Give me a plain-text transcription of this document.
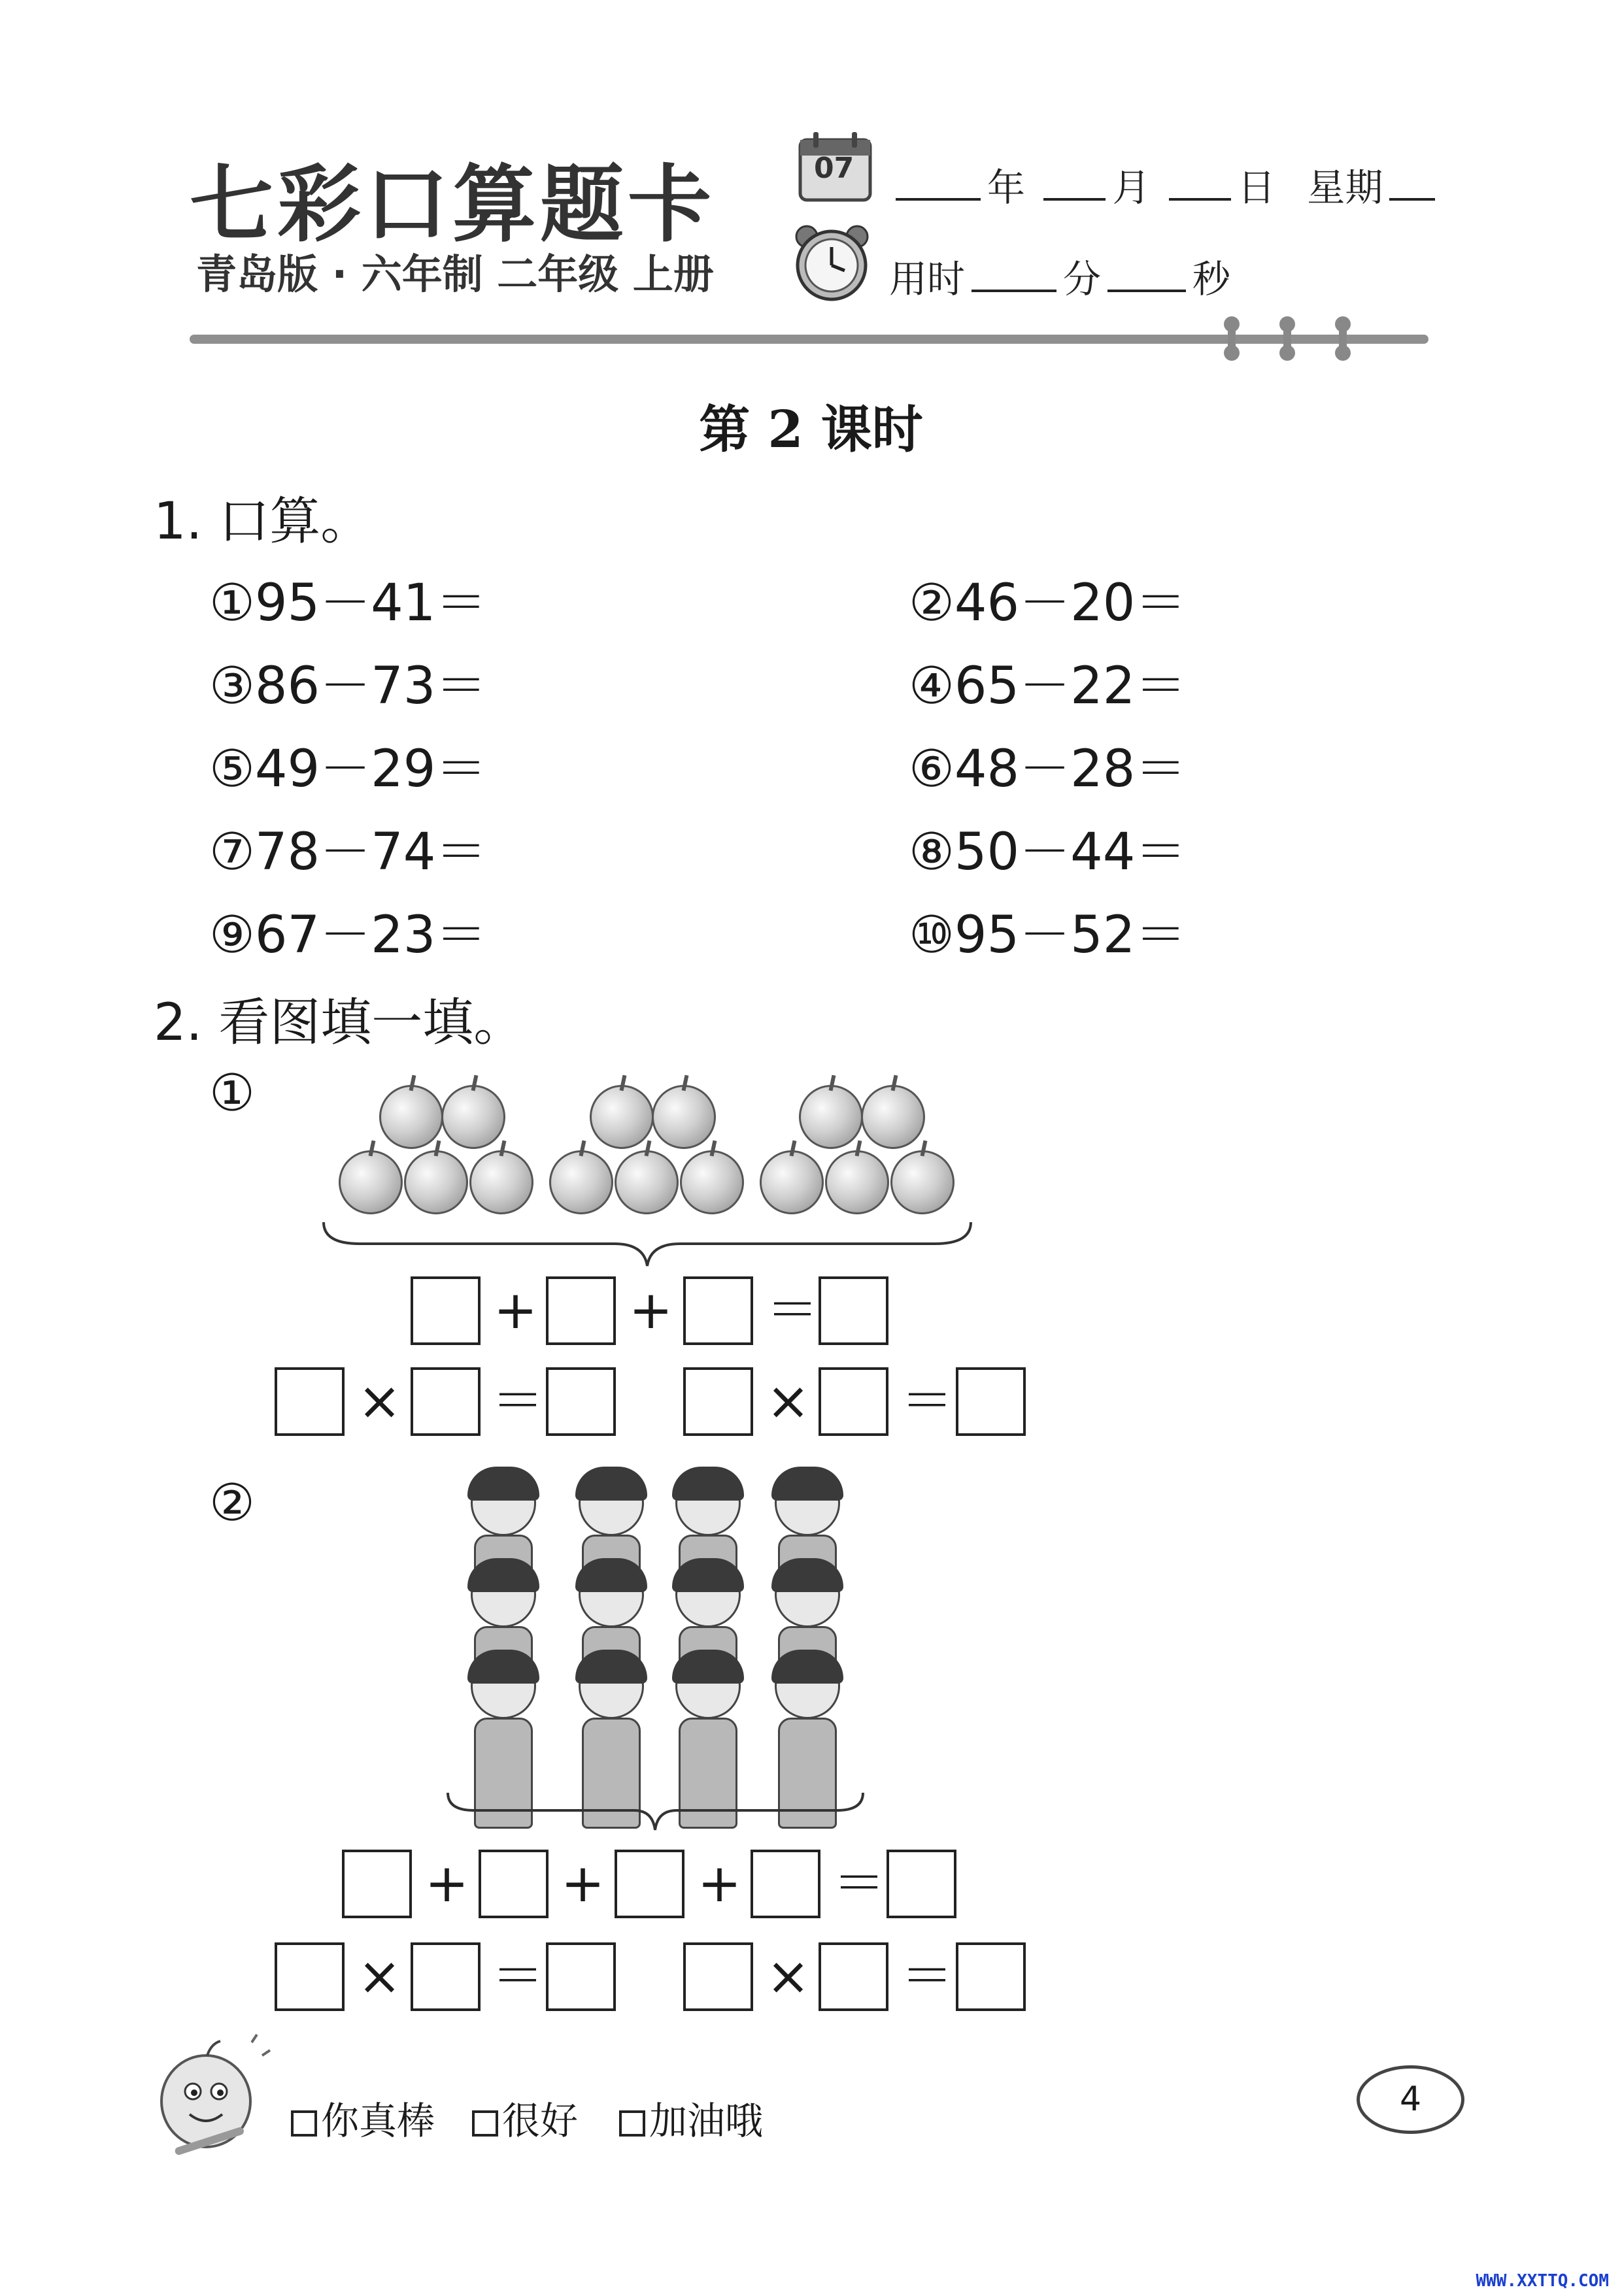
七彩口算题卡
青岛版 · 六年制 二年级 上册
07	年 月 日 星期
用时	分 秒
第 2 课时
1. 口算。
①95－41＝	②46－20＝
③86－73＝	④65－22＝
⑤49－29＝	⑥48－28＝
⑦78－74＝	⑧50－44＝
⑨67－23＝	⑩95－52＝
2. 看图填一填。
①
+ + ＝
× ＝	× ＝
②
+ + + ＝
× ＝	× ＝
你真棒	很好	加油哦	4
WWW.XXTTQ.COM
